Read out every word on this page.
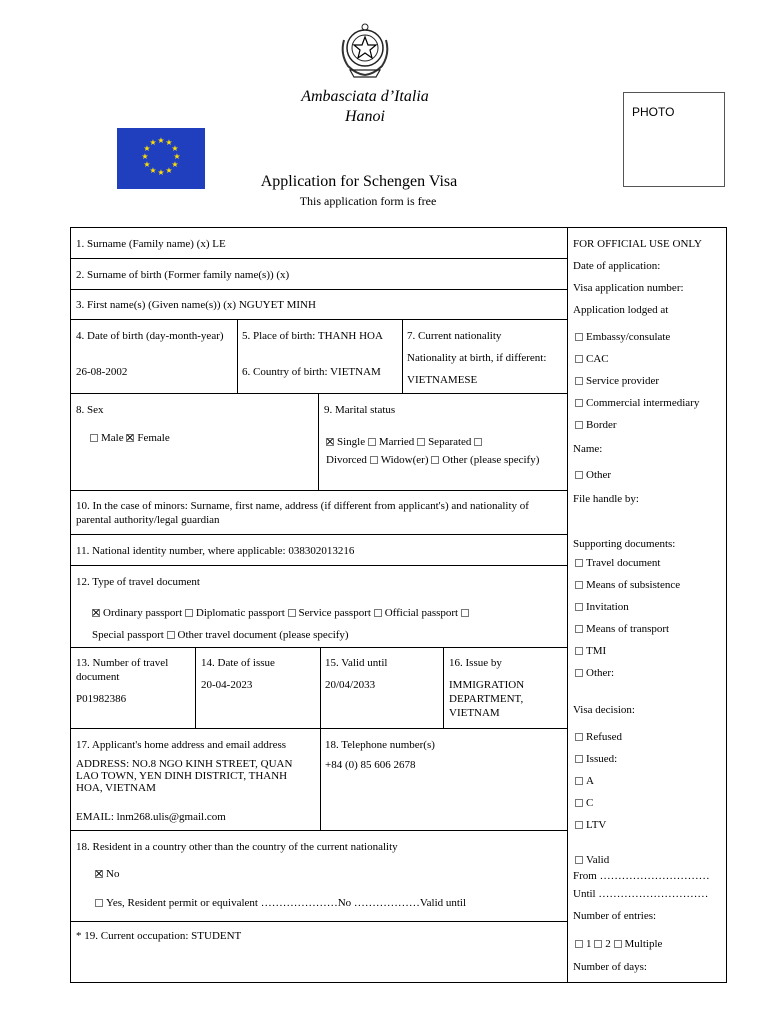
Ambasciata d’Italia
Hanoi	PHOTO
★ ★
★
★
★
★
★
★
★
★
★
★
Application for Schengen Visa
This application form is free
1. Surname (Family name) (x) LE
2. Surname of birth (Former family name(s)) (x)
3. First name(s) (Given name(s)) (x) NGUYET MINH
4. Date of birth (day-month-year)
26-08-2002
5. Place of birth: THANH HOA
6. Country of birth: VIETNAM
7. Current nationality
Nationality at birth, if different:
VIETNAMESE
8. Sex
Male Female
9. Marital status
Single Married Separated
Divorced Widow(er) Other (please specify)
10. In the case of minors: Surname, first name, address (if different from applicant's) and nationality of parental authority/legal guardian
11. National identity number, where applicable: 038302013216
12. Type of travel document
Ordinary passport Diplomatic passport Service passport Official passport
Special passport Other travel document (please specify)
13. Number of travel document
P01982386
14. Date of issue
20-04-2023
15. Valid until
20/04/2033
16. Issue by
IMMIGRATION DEPARTMENT, VIETNAM
17. Applicant's home address and email address
ADDRESS: NO.8 NGO KINH STREET, QUAN LAO TOWN, YEN DINH DISTRICT, THANH HOA, VIETNAM
EMAIL: lnm268.ulis@gmail.com
18. Telephone number(s)
+84 (0) 85 606 2678
18. Resident in a country other than the country of the current nationality
No
Yes, Resident permit or equivalent …………………No ………………Valid until
* 19. Current occupation: STUDENT
FOR OFFICIAL USE ONLY
Date of application:
Visa application number:
Application lodged at
Embassy/consulate
CAC
Service provider
Commercial intermediary
Border
Name:
Other
File handle by:
Supporting documents:
Travel document
Means of subsistence
Invitation
Means of transport
TMI
Other:
Visa decision:
Refused
Issued:
A
C
LTV
Valid
From …………………………
Until …………………………
Number of entries:
1 2 Multiple
Number of days:
